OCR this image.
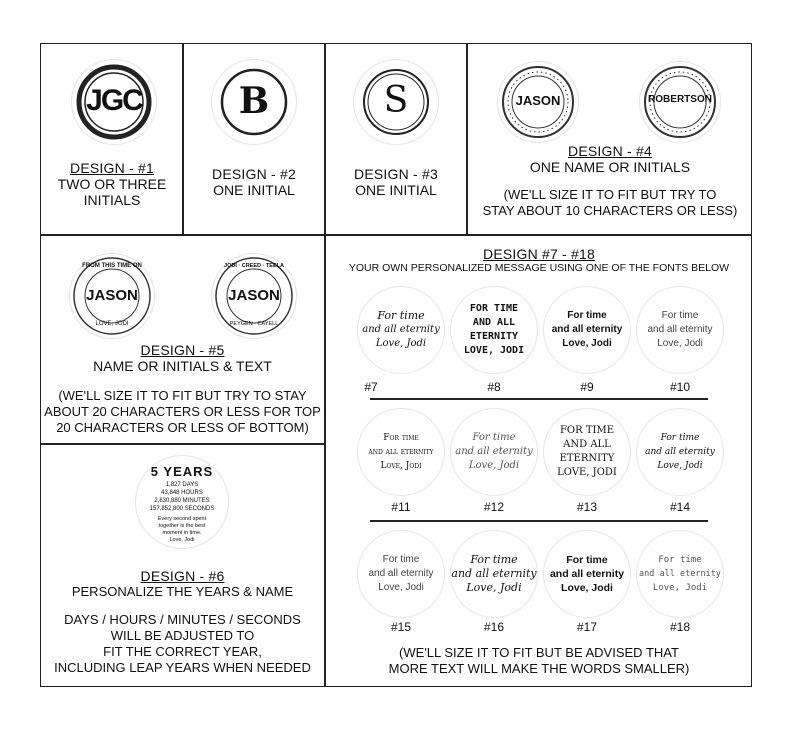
JGC
DESIGN - #1
TWO OR THREE
INITIALS
B
DESIGN - #2
ONE INITIAL
S
DESIGN - #3
ONE INITIAL
JASON	ROBERTSON
DESIGN - #4
ONE NAME OR INITIALS
(WE'LL SIZE IT TO FIT BUT TRY TO
STAY ABOUT 10 CHARACTERS OR LESS)
FROM THIS TIME ON
JASON
LOVE, JODI
JODI · CREED · TEELA
JASON
PEYGEN · CAYELL
DESIGN - #5
NAME OR INITIALS & TEXT
(WE'LL SIZE IT TO FIT BUT TRY TO STAY
ABOUT 20 CHARACTERS OR LESS FOR TOP
20 CHARACTERS OR LESS OF BOTTOM)
5 YEARS
1,827 DAYS
43,848 HOURS
2,630,880 MINUTES
157,852,800 SECONDS
Every second spent
together is the best
moment in time.
Love, Jodi
DESIGN - #6
PERSONALIZE THE YEARS & NAME
DAYS / HOURS / MINUTES / SECONDS
WILL BE ADJUSTED TO
FIT THE CORRECT YEAR,
INCLUDING LEAP YEARS WHEN NEEDED
DESIGN #7 - #18
YOUR OWN PERSONALIZED MESSAGE USING ONE OF THE FONTS BELOW
For time
and all eternity
Love, Jodi
FOR TIME
AND ALL
ETERNITY
LOVE, JODI
For time
and all eternity
Love, Jodi
For time
and all eternity
Love, Jodi
#7	#8	#9	#10
For time
and all eternity
Love, Jodi
For time
and all eternity
Love, Jodi
FOR TIME
AND ALL
ETERNITY
LOVE, JODI
For time
and all eternity
Love, Jodi
#11	#12	#13	#14
For time
and all eternity
Love, Jodi
For time
and all eternity
Love, Jodi
For time
and all eternity
Love, Jodi
For time
and all eternity
Love, Jodi
#15	#16	#17	#18
(WE'LL SIZE IT TO FIT BUT BE ADVISED THAT
MORE TEXT WILL MAKE THE WORDS SMALLER)
